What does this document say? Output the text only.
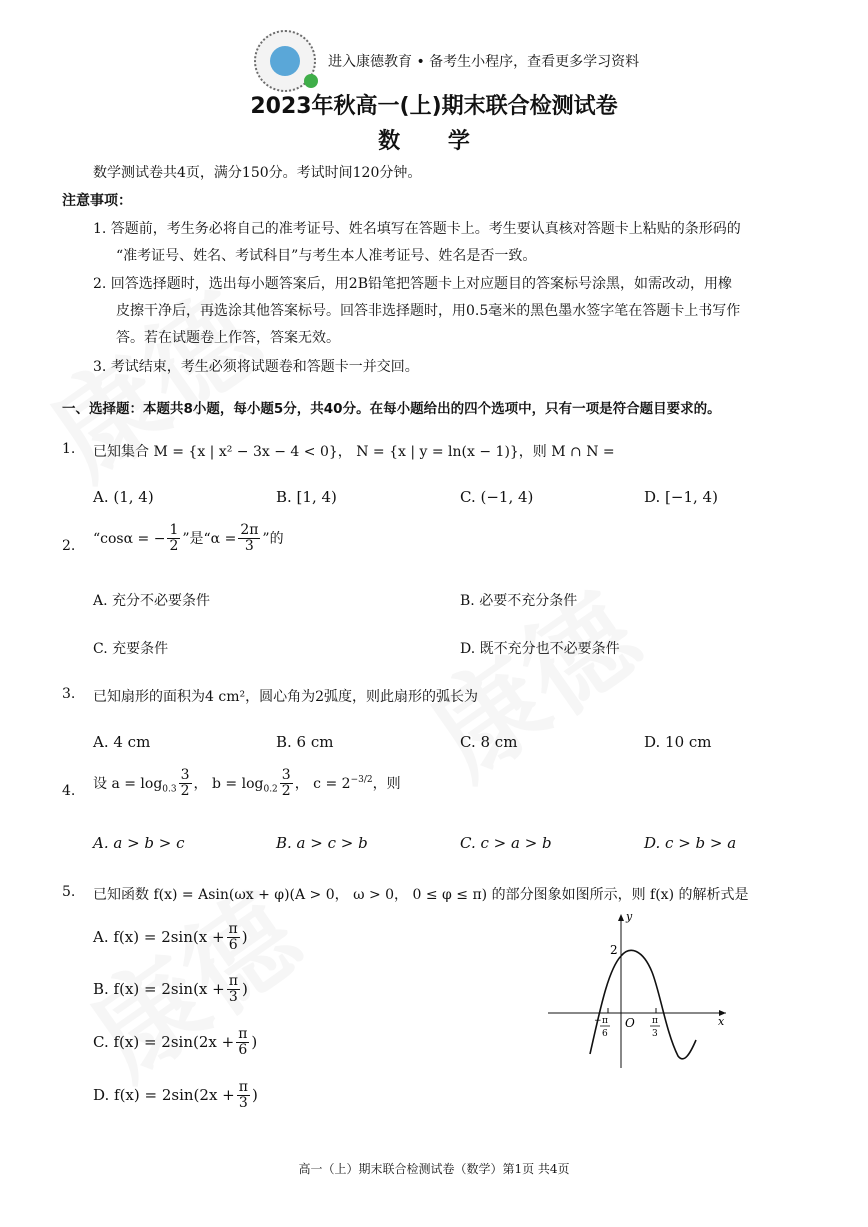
进入康德教育 • 备考生小程序，查看更多学习资料
2023年秋高一(上)期末联合检测试卷
数 学
数学测试卷共4页，满分150分。考试时间120分钟。
注意事项：
1. 答题前，考生务必将自己的准考证号、姓名填写在答题卡上。考生要认真核对答题卡上粘贴的条形码的
“准考证号、姓名、考试科目”与考生本人准考证号、姓名是否一致。
2. 回答选择题时，选出每小题答案后，用2B铅笔把答题卡上对应题目的答案标号涂黑，如需改动，用橡
皮擦干净后，再选涂其他答案标号。回答非选择题时，用0.5毫米的黑色墨水签字笔在答题卡上书写作
答。若在试题卷上作答，答案无效。
3. 考试结束，考生必须将试题卷和答题卡一并交回。
一、选择题：本题共8小题，每小题5分，共40分。在每小题给出的四个选项中，只有一项是符合题目要求的。
1. 已知集合 M = {x | x² − 3x − 4 < 0}， N = {x | y = ln(x − 1)}，则 M ∩ N =
A. (1, 4)	B. [1, 4)	C. (−1, 4)	D. [−1, 4)
2. “cosα = − $\frac{1}{2}$ ”是“$\alpha = \frac{2\pi}{3}$ ”的
A. 充分不必要条件	B. 必要不充分条件
C. 充要条件	D. 既不充分也不必要条件
3. 已知扇形的面积为4 cm²，圆心角为2弧度，则此扇形的弧长为
A. 4 cm	B. 6 cm	C. 8 cm	D. 10 cm
4. 设 $a = \log_{0.3} \frac{3}{2}$ ， $b = \log_{0.2} \frac{3}{2}$ ， $c = 2^{-3/2}$，则
A. a > b > c	B. a > c > b	C. c > a > b	D. c > b > a
5. 已知函数 f(x) = Asin(ωx + φ)(A > 0， ω > 0， 0 ≤ φ ≤ π) 的部分图象如图所示，则 f(x) 的解析式是
A. $f(x) = 2\sin(x + \frac{\pi}{6}$ )
B. $f(x) = 2\sin(x + \frac{\pi}{3}$ )
C. $f(x) = 2\sin(2x + \frac{\pi}{6}$ )
D. $f(x) = 2\sin(2x + \frac{\pi}{3}$ )
y
x
O
2
− π
6
π
3
高一（上）期末联合检测试卷（数学）第1页 共4页
